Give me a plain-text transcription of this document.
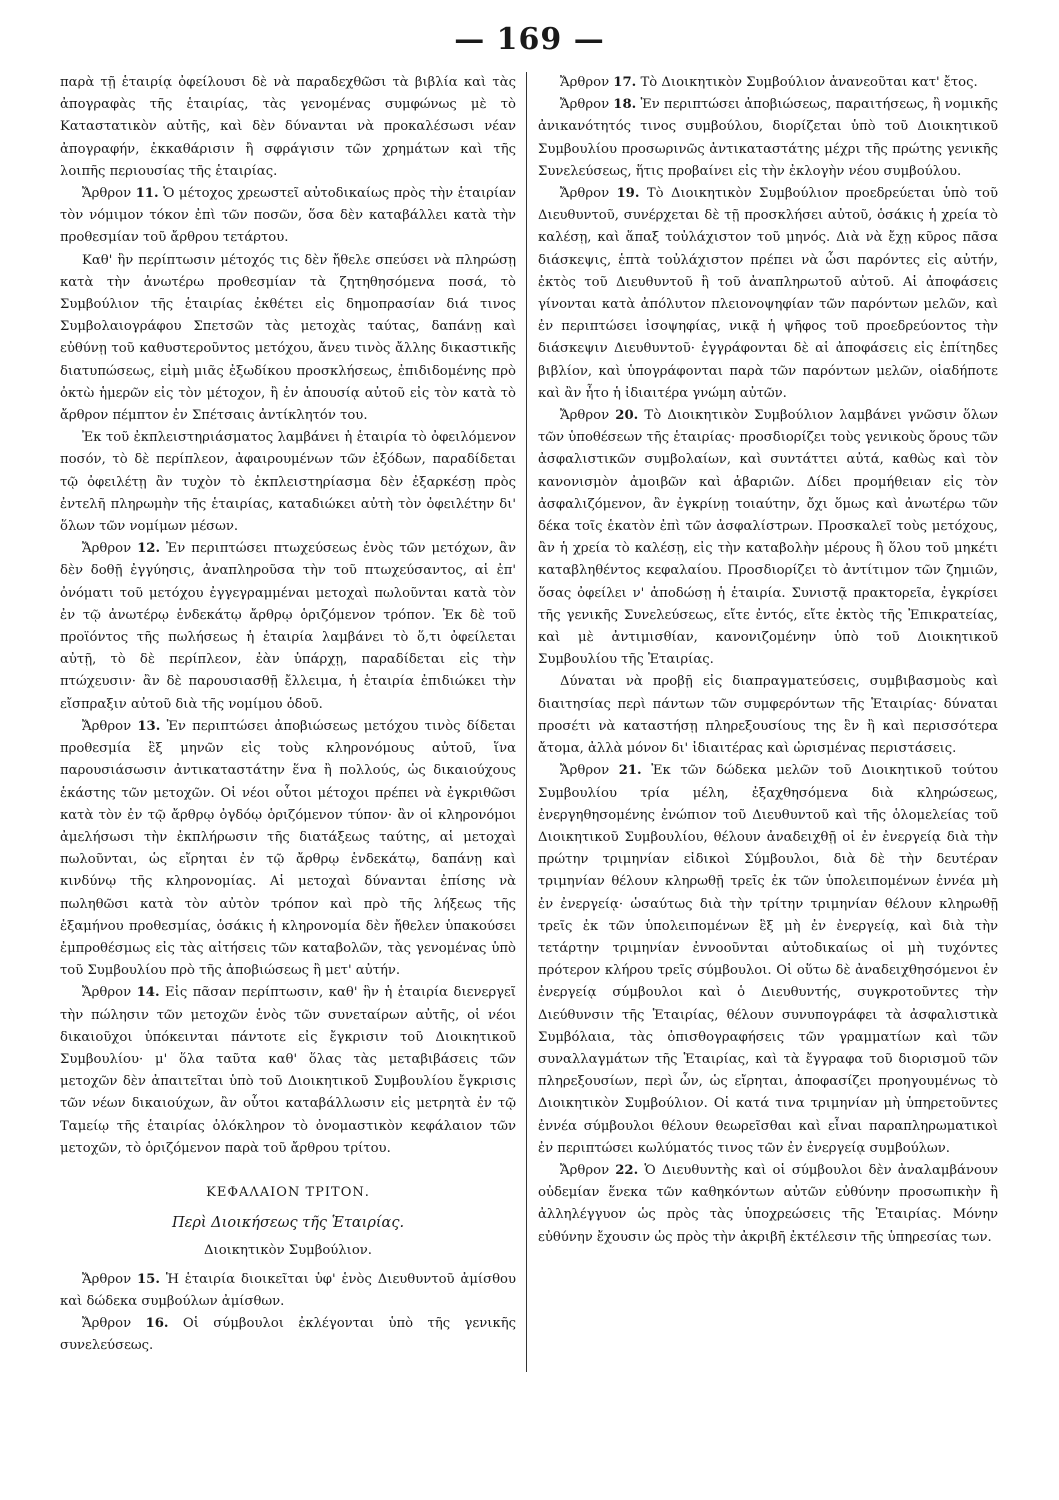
— 169 —

παρὰ τῇ ἑταιρίᾳ ὀφείλουσι δὲ νὰ παραδεχθῶσι τὰ βιβλία καὶ τὰς ἀπογραφὰς τῆς ἑταιρίας, τὰς γενομένας συμφώνως μὲ τὸ Καταστατικὸν αὐτῆς, καὶ δὲν δύνανται νὰ προκαλέσωσι νέαν ἀπογραφήν, ἐκκαθάρισιν ἢ σφράγισιν τῶν χρημάτων καὶ τῆς λοιπῆς περιουσίας τῆς ἑταιρίας.

Ἄρθρον 11. Ὁ μέτοχος χρεωστεῖ αὐτοδικαίως πρὸς τὴν ἑταιρίαν τὸν νόμιμον τόκον ἐπὶ τῶν ποσῶν, ὅσα δὲν καταβάλλει κατὰ τὴν προθεσμίαν τοῦ ἄρθρου τετάρτου.

Καθ' ἣν περίπτωσιν μέτοχός τις δὲν ἤθελε σπεύσει νὰ πληρώσῃ κατὰ τὴν ἀνωτέρω προθεσμίαν τὰ ζητηθησόμενα ποσά, τὸ Συμβούλιον τῆς ἑταιρίας ἐκθέτει εἰς δημοπρασίαν διά τινος Συμβολαιογράφου Σπετσῶν τὰς μετοχὰς ταύτας, δαπάνῃ καὶ εὐθύνῃ τοῦ καθυστεροῦντος μετόχου, ἄνευ τινὸς ἄλλης δικαστικῆς διατυπώσεως, εἰμὴ μιᾶς ἐξωδίκου προσκλήσεως, ἐπιδιδομένης πρὸ ὀκτὼ ἡμερῶν εἰς τὸν μέτοχον, ἢ ἐν ἀπουσίᾳ αὐτοῦ εἰς τὸν κατὰ τὸ ἄρθρον πέμπτον ἐν Σπέτσαις ἀντίκλητόν του.

Ἐκ τοῦ ἐκπλειστηριάσματος λαμβάνει ἡ ἑταιρία τὸ ὀφειλόμενον ποσόν, τὸ δὲ περίπλεον, ἀφαιρουμένων τῶν ἐξόδων, παραδίδεται τῷ ὀφειλέτῃ ἂν τυχὸν τὸ ἐκπλειστηρίασμα δὲν ἐξαρκέσῃ πρὸς ἐντελῆ πληρωμὴν τῆς ἑταιρίας, καταδιώκει αὐτὴ τὸν ὀφειλέτην δι' ὅλων τῶν νομίμων μέσων.

Ἄρθρον 12. Ἐν περιπτώσει πτωχεύσεως ἑνὸς τῶν μετόχων, ἂν δὲν δοθῇ ἐγγύησις, ἀναπληροῦσα τὴν τοῦ πτωχεύσαντος, αἱ ἐπ' ὀνόματι τοῦ μετόχου ἐγγεγραμμέναι μετοχαὶ πωλοῦνται κατὰ τὸν ἐν τῷ ἀνωτέρῳ ἑνδεκάτῳ ἄρθρῳ ὁριζόμενον τρόπον. Ἐκ δὲ τοῦ προϊόντος τῆς πωλήσεως ἡ ἑταιρία λαμβάνει τὸ ὅ,τι ὀφείλεται αὐτῇ, τὸ δὲ περίπλεον, ἐὰν ὑπάρχῃ, παραδίδεται εἰς τὴν πτώχευσιν· ἂν δὲ παρουσιασθῇ ἔλλειμα, ἡ ἑταιρία ἐπιδιώκει τὴν εἴσπραξιν αὐτοῦ διὰ τῆς νομίμου ὁδοῦ.

Ἄρθρον 13. Ἐν περιπτώσει ἀποβιώσεως μετόχου τινὸς δίδεται προθεσμία ἓξ μηνῶν εἰς τοὺς κληρονόμους αὐτοῦ, ἵνα παρουσιάσωσιν ἀντικαταστάτην ἕνα ἢ πολλούς, ὡς δικαιούχους ἑκάστης τῶν μετοχῶν. Οἱ νέοι οὗτοι μέτοχοι πρέπει νὰ ἐγκριθῶσι κατὰ τὸν ἐν τῷ ἄρθρῳ ὀγδόῳ ὁριζόμενον τύπον· ἂν οἱ κληρονόμοι ἀμελήσωσι τὴν ἐκπλήρωσιν τῆς διατάξεως ταύτης, αἱ μετοχαὶ πωλοῦνται, ὡς εἴρηται ἐν τῷ ἄρθρῳ ἑνδεκάτῳ, δαπάνῃ καὶ κινδύνῳ τῆς κληρονομίας. Αἱ μετοχαὶ δύνανται ἐπίσης νὰ πωληθῶσι κατὰ τὸν αὐτὸν τρόπον καὶ πρὸ τῆς λήξεως τῆς ἑξαμήνου προθεσμίας, ὁσάκις ἡ κληρονομία δὲν ἤθελεν ὑπακούσει ἐμπροθέσμως εἰς τὰς αἰτήσεις τῶν καταβολῶν, τὰς γενομένας ὑπὸ τοῦ Συμβουλίου πρὸ τῆς ἀποβιώσεως ἢ μετ' αὐτήν.

Ἄρθρον 14. Εἰς πᾶσαν περίπτωσιν, καθ' ἣν ἡ ἑταιρία διενεργεῖ τὴν πώλησιν τῶν μετοχῶν ἑνὸς τῶν συνεταίρων αὐτῆς, οἱ νέοι δικαιοῦχοι ὑπόκεινται πάντοτε εἰς ἔγκρισιν τοῦ Διοικητικοῦ Συμβουλίου· μ' ὅλα ταῦτα καθ' ὅλας τὰς μεταβιβάσεις τῶν μετοχῶν δὲν ἀπαιτεῖται ὑπὸ τοῦ Διοικητικοῦ Συμβουλίου ἔγκρισις τῶν νέων δικαιούχων, ἂν οὗτοι καταβάλλωσιν εἰς μετρητὰ ἐν τῷ Ταμείῳ τῆς ἑταιρίας ὁλόκληρον τὸ ὀνομαστικὸν κεφάλαιον τῶν μετοχῶν, τὸ ὁριζόμενον παρὰ τοῦ ἄρθρου τρίτου.

ΚΕΦΑΛΑΙΟΝ ΤΡΙΤΟΝ.
Περὶ Διοικήσεως τῆς Ἑταιρίας.
Διοικητικὸν Συμβούλιον.

Ἄρθρον 15. Ἡ ἑταιρία διοικεῖται ὑφ' ἑνὸς Διευθυντοῦ ἀμίσθου καὶ δώδεκα συμβούλων ἀμίσθων.

Ἄρθρον 16. Οἱ σύμβουλοι ἐκλέγονται ὑπὸ τῆς γενικῆς συνελεύσεως.

Ἄρθρον 17. Τὸ Διοικητικὸν Συμβούλιον ἀνανεοῦται κατ' ἔτος.

Ἄρθρον 18. Ἐν περιπτώσει ἀποβιώσεως, παραιτήσεως, ἢ νομικῆς ἀνικανότητός τινος συμβούλου, διορίζεται ὑπὸ τοῦ Διοικητικοῦ Συμβουλίου προσωρινῶς ἀντικαταστάτης μέχρι τῆς πρώτης γενικῆς Συνελεύσεως, ἥτις προβαίνει εἰς τὴν ἐκλογὴν νέου συμβούλου.

Ἄρθρον 19. Τὸ Διοικητικὸν Συμβούλιον προεδρεύεται ὑπὸ τοῦ Διευθυντοῦ, συνέρχεται δὲ τῇ προσκλήσει αὐτοῦ, ὁσάκις ἡ χρεία τὸ καλέσῃ, καὶ ἅπαξ τοὐλάχιστον τοῦ μηνός. Διὰ νὰ ἔχῃ κῦρος πᾶσα διάσκεψις, ἑπτὰ τοὐλάχιστον πρέπει νὰ ὦσι παρόντες εἰς αὐτήν, ἐκτὸς τοῦ Διευθυντοῦ ἢ τοῦ ἀναπληρωτοῦ αὐτοῦ. Αἱ ἀποφάσεις γίνονται κατὰ ἀπόλυτον πλειονοψηφίαν τῶν παρόντων μελῶν, καὶ ἐν περιπτώσει ἰσοψηφίας, νικᾷ ἡ ψῆφος τοῦ προεδρεύοντος τὴν διάσκεψιν Διευθυντοῦ· ἐγγράφονται δὲ αἱ ἀποφάσεις εἰς ἐπίτηδες βιβλίον, καὶ ὑπογράφονται παρὰ τῶν παρόντων μελῶν, οἱαδήποτε καὶ ἂν ἦτο ἡ ἰδιαιτέρα γνώμη αὐτῶν.

Ἄρθρον 20. Τὸ Διοικητικὸν Συμβούλιον λαμβάνει γνῶσιν ὅλων τῶν ὑποθέσεων τῆς ἑταιρίας· προσδιορίζει τοὺς γενικοὺς ὅρους τῶν ἀσφαλιστικῶν συμβολαίων, καὶ συντάττει αὐτά, καθὼς καὶ τὸν κανονισμὸν ἀμοιβῶν καὶ ἀβαριῶν. Δίδει προμήθειαν εἰς τὸν ἀσφαλιζόμενον, ἂν ἐγκρίνῃ τοιαύτην, ὄχι ὅμως καὶ ἀνωτέρω τῶν δέκα τοῖς ἑκατὸν ἐπὶ τῶν ἀσφαλίστρων. Προσκαλεῖ τοὺς μετόχους, ἂν ἡ χρεία τὸ καλέσῃ, εἰς τὴν καταβολὴν μέρους ἢ ὅλου τοῦ μηκέτι καταβληθέντος κεφαλαίου. Προσδιορίζει τὸ ἀντίτιμον τῶν ζημιῶν, ὅσας ὀφείλει ν' ἀποδώσῃ ἡ ἑταιρία. Συνιστᾷ πρακτορεῖα, ἐγκρίσει τῆς γενικῆς Συνελεύσεως, εἴτε ἐντός, εἴτε ἐκτὸς τῆς Ἐπικρατείας, καὶ μὲ ἀντιμισθίαν, κανονιζομένην ὑπὸ τοῦ Διοικητικοῦ Συμβουλίου τῆς Ἑταιρίας.

Δύναται νὰ προβῇ εἰς διαπραγματεύσεις, συμβιβασμοὺς καὶ διαιτησίας περὶ πάντων τῶν συμφερόντων τῆς Ἑταιρίας· δύναται προσέτι νὰ καταστήσῃ πληρεξουσίους της ἓν ἢ καὶ περισσότερα ἄτομα, ἀλλὰ μόνον δι' ἰδιαιτέρας καὶ ὡρισμένας περιστάσεις.

Ἄρθρον 21. Ἐκ τῶν δώδεκα μελῶν τοῦ Διοικητικοῦ τούτου Συμβουλίου τρία μέλη, ἐξαχθησόμενα διὰ κληρώσεως, ἐνεργηθησομένης ἐνώπιον τοῦ Διευθυντοῦ καὶ τῆς ὁλομελείας τοῦ Διοικητικοῦ Συμβουλίου, θέλουν ἀναδειχθῇ οἱ ἐν ἐνεργείᾳ διὰ τὴν πρώτην τριμηνίαν εἰδικοὶ Σύμβουλοι, διὰ δὲ τὴν δευτέραν τριμηνίαν θέλουν κληρωθῇ τρεῖς ἐκ τῶν ὑπολειπομένων ἐννέα μὴ ἐν ἐνεργείᾳ· ὡσαύτως διὰ τὴν τρίτην τριμηνίαν θέλουν κληρωθῇ τρεῖς ἐκ τῶν ὑπολειπομένων ἓξ μὴ ἐν ἐνεργείᾳ, καὶ διὰ τὴν τετάρτην τριμηνίαν ἐννοοῦνται αὐτοδικαίως οἱ μὴ τυχόντες πρότερον κλήρου τρεῖς σύμβουλοι. Οἱ οὕτω δὲ ἀναδειχθησόμενοι ἐν ἐνεργείᾳ σύμβουλοι καὶ ὁ Διευθυντής, συγκροτοῦντες τὴν Διεύθυνσιν τῆς Ἑταιρίας, θέλουν συνυπογράφει τὰ ἀσφαλιστικὰ Συμβόλαια, τὰς ὀπισθογραφήσεις τῶν γραμματίων καὶ τῶν συναλλαγμάτων τῆς Ἑταιρίας, καὶ τὰ ἔγγραφα τοῦ διορισμοῦ τῶν πληρεξουσίων, περὶ ὧν, ὡς εἴρηται, ἀποφασίζει προηγουμένως τὸ Διοικητικὸν Συμβούλιον. Οἱ κατά τινα τριμηνίαν μὴ ὑπηρετοῦντες ἐννέα σύμβουλοι θέλουν θεωρεῖσθαι καὶ εἶναι παραπληρωματικοὶ ἐν περιπτώσει κωλύματός τινος τῶν ἐν ἐνεργείᾳ συμβούλων.

Ἄρθρον 22. Ὁ Διευθυντὴς καὶ οἱ σύμβουλοι δὲν ἀναλαμβάνουν οὐδεμίαν ἕνεκα τῶν καθηκόντων αὐτῶν εὐθύνην προσωπικὴν ἢ ἀλληλέγγυον ὡς πρὸς τὰς ὑποχρεώσεις τῆς Ἑταιρίας. Μόνην εὐθύνην ἔχουσιν ὡς πρὸς τὴν ἀκριβῆ ἐκτέλεσιν τῆς ὑπηρεσίας των.
